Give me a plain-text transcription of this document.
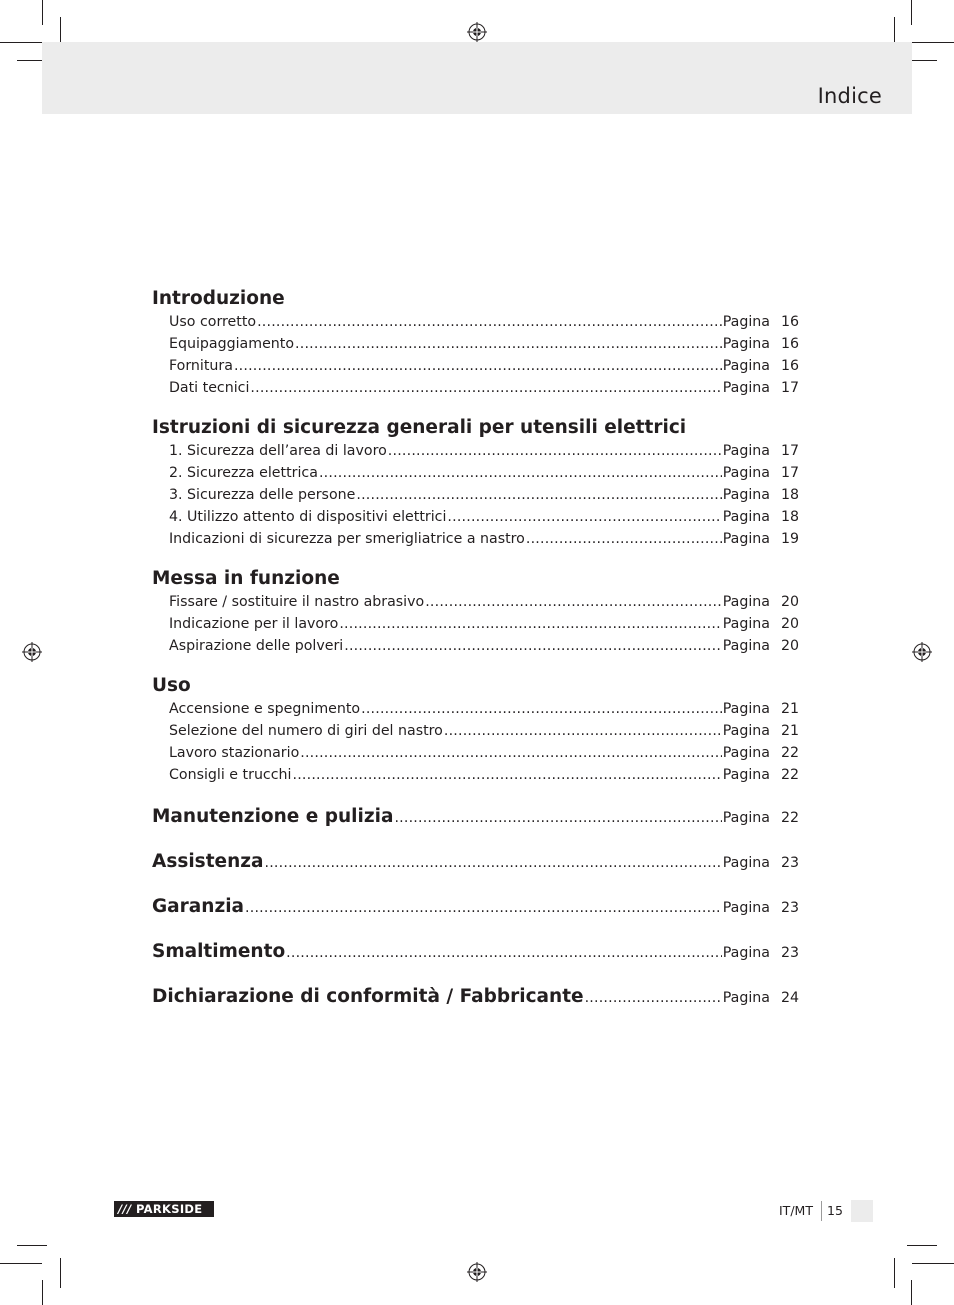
Indice
Introduzione
Uso corretto .....	Pagina 16
Equipaggiamento .....	Pagina 16
Fornitura .....	Pagina 16
Dati tecnici .....	Pagina 17
Istruzioni di sicurezza generali per utensili elettrici
1. Sicurezza dell’area di lavoro .....	Pagina 17
2. Sicurezza elettrica .....	Pagina 17
3. Sicurezza delle persone .....	Pagina 18
4. Utilizzo attento di dispositivi elettrici .....	Pagina 18
Indicazioni di sicurezza per smerigliatrice a nastro .....	Pagina 19
Messa in funzione
Fissare / sostituire il nastro abrasivo .....	Pagina 20
Indicazione per il lavoro .....	Pagina 20
Aspirazione delle polveri .....	Pagina 20
Uso
Accensione e spegnimento .....	Pagina 21
Selezione del numero di giri del nastro .....	Pagina 21
Lavoro stazionario .....	Pagina 22
Consigli e trucchi .....	Pagina 22
Manutenzione e pulizia .....	Pagina 22
Assistenza .....	Pagina 23
Garanzia .....	Pagina 23
Smaltimento .....	Pagina 23
Dichiarazione di conformità / Fabbricante .....	Pagina 24
/// PARKSIDE	IT/MT 15
